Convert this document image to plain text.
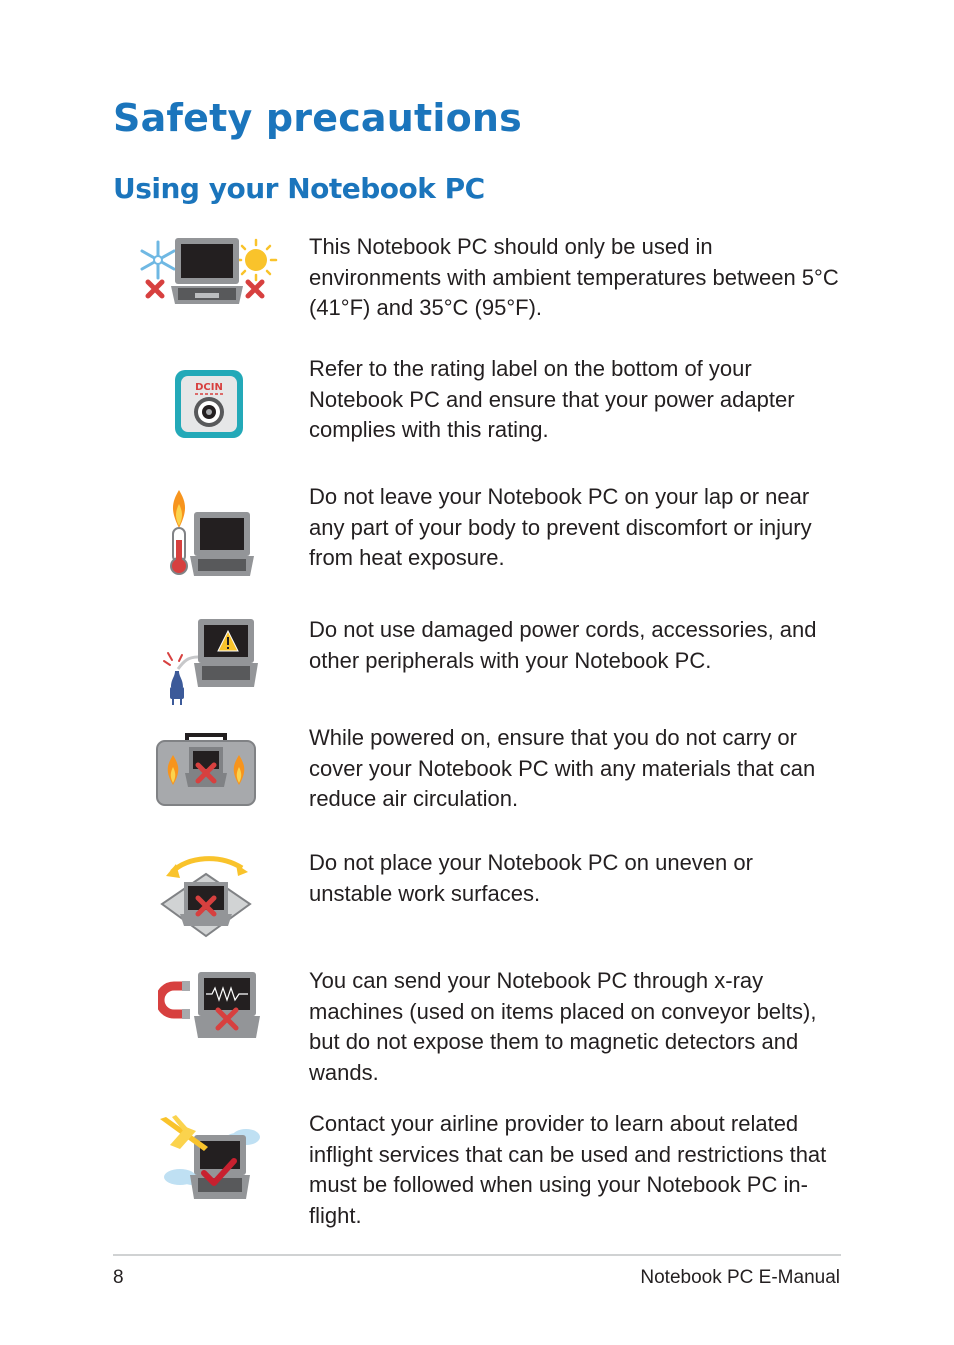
Safety precautions
Using your Notebook PC

This Notebook PC should only be used in environments with ambient temperatures between 5°C (41°F) and 35°C (95°F).

DCIN

Refer to the rating label on the bottom of your Notebook PC and ensure that your power adapter complies with this rating.

Do not leave your Notebook PC on your lap or near any part of your body to prevent discomfort or injury from heat exposure.

Do not use damaged power cords, accessories, and other peripherals with your Notebook PC.

While powered on, ensure that you do not carry or cover your Notebook PC with any materials that can reduce air circulation.

Do not place your Notebook PC on uneven or unstable work surfaces.

You can send your Notebook PC through x-ray machines (used on items placed on conveyor belts), but do not expose them to magnetic detectors and wands.

Contact your airline provider to learn about related inflight services that can be used and restrictions that must be followed when using your Notebook PC in-flight.

8	Notebook PC E-Manual
